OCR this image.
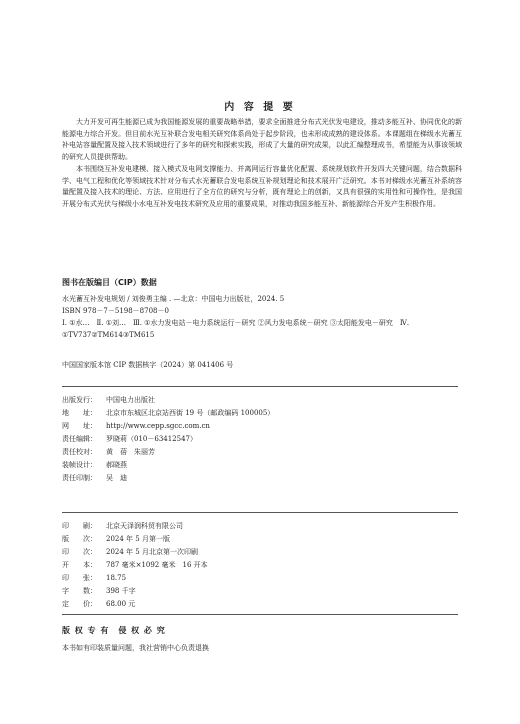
内 容 提 要

大力开发可再生能源已成为我国能源发展的重要战略举措，要求全面推进分布式光伏发电建设，推动多能互补、协同优化的新能源电力综合开发。但目前水光互补联合发电相关研究体系尚处于起步阶段，也未形成成熟的建设体系。本课题组在梯级水光蓄互补电站容量配置及接入技术领域进行了多年的研究和探索实践，形成了大量的研究成果，以此汇编整理成书，希望能为从事该领域的研究人员提供帮助。

本书围绕互补发电建模、接入模式及电网支撑能力、并离网运行容量优化配置、系统规划软件开发四大关键问题，结合数据科学、电气工程和优化等领域技术针对分布式水光蓄联合发电系统互补规划理论和技术展开广泛研究。本书对梯级水光蓄互补系统容量配置及接入技术的理论、方法、应用进行了全方位的研究与分析，既有理论上的创新，又具有很强的实用性和可操作性，是我国开展分布式光伏与梯级小水电互补发电技术研究及应用的重要成果，对推动我国多能互补、新能源综合开发产生积极作用。

图书在版编目（CIP）数据
水光蓄互补发电规划 / 刘俊勇主编 . —北京：中国电力出版社，2024. 5
ISBN 978－7－5198－8708－0
Ⅰ. ①水…　Ⅱ. ①刘…　Ⅲ. ①水力发电站－电力系统运行－研究 ②风力发电系统－研究 ③太阳能发电－研究　Ⅳ. ①TV737②TM614③TM615
中国国家版本馆 CIP 数据核字（2024）第 041406 号
出版发行：	中国电力出版社
地　　址：	北京市东城区北京站西街 19 号（邮政编码 100005）
网　　址：	http://www.cepp.sgcc.com.cn
责任编辑：	罗晓莉（010－63412547）
责任校对：	黄　蓓　朱丽芳
装帧设计：	郝晓燕
责任印制：	吴　迪
印　　刷：	北京天泽润科贸有限公司
版　　次：	2024 年 5 月第一版
印　　次：	2024 年 5 月北京第一次印刷
开　　本：	787 毫米×1092 毫米　16 开本
印　　张：	18.75
字　　数：	398 千字
定　　价：	68.00 元
版 权 专 有　侵 权 必 究
本书如有印装质量问题，我社营销中心负责退换
